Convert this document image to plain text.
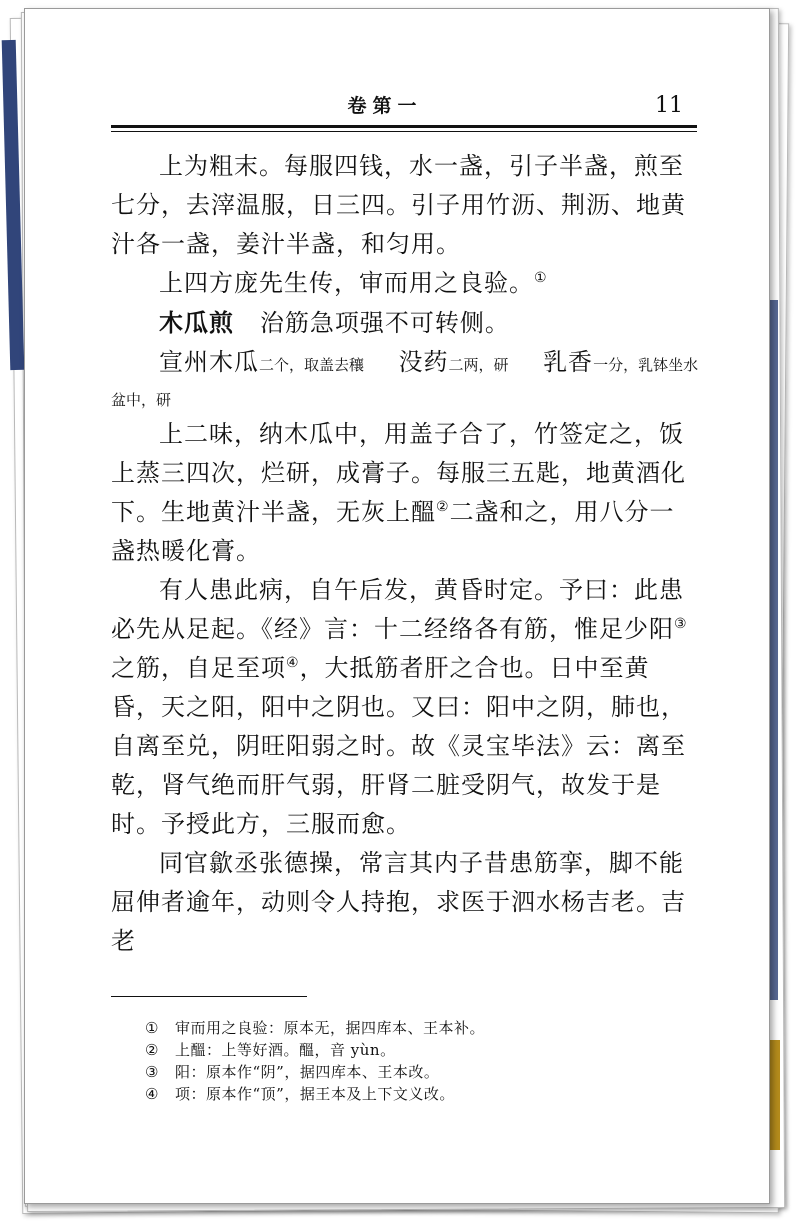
卷第一	11

上为粗末。每服四钱，水一盏，引子半盏，煎至七分，去滓温服，日三四。引子用竹沥、荆沥、地黄汁各一盏，姜汁半盏，和匀用。

上四方庞先生传，审而用之良验。①

木瓜煎 治筋急项强不可转侧。

宣州木瓜二个，取盖去穰 没药二两，研 乳香一分，乳钵坐水盆中，研

上二味，纳木瓜中，用盖子合了，竹签定之，饭上蒸三四次，烂研，成膏子。每服三五匙，地黄酒化下。生地黄汁半盏，无灰上醞②二盏和之，用八分一盏热暖化膏。

有人患此病，自午后发，黄昏时定。予曰：此患必先从足起。《经》言：十二经络各有筋，惟足少阳③之筋，自足至项④，大抵筋者肝之合也。日中至黄昏，天之阳，阳中之阴也。又曰：阳中之阴，肺也，自离至兑，阴旺阳弱之时。故《灵宝毕法》云：离至乾，肾气绝而肝气弱，肝肾二脏受阴气，故发于是时。予授此方，三服而愈。

同官歙丞张德操，常言其内子昔患筋挛，脚不能屈伸者逾年，动则令人持抱，求医于泗水杨吉老。吉老

①	审而用之良验：原本无，据四库本、王本补。
②	上醞：上等好酒。醞，音 yùn。
③	阳：原本作“阴”，据四库本、王本改。
④	项：原本作“顶”，据王本及上下文义改。
